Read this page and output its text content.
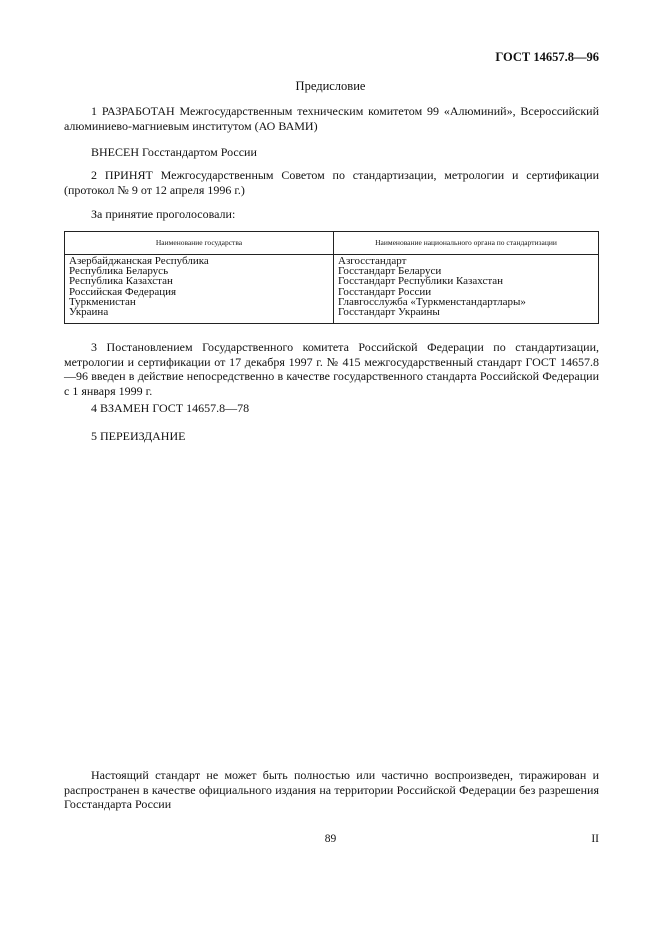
ГОСТ 14657.8—96
Предисловие
1 РАЗРАБОТАН Межгосударственным техническим комитетом 99 «Алюминий», Всероссийский алюминиево-магниевым институтом (АО ВАМИ)
ВНЕСЕН Госстандартом России
2 ПРИНЯТ Межгосударственным Советом по стандартизации, метрологии и сертификации (протокол № 9 от 12 апреля 1996 г.)
За принятие проголосовали:
Наименование государства	Наименование национального органа по стандартизации
Азербайджанская Республика
Республика Беларусь
Республика Казахстан
Российская Федерация
Туркменистан
Украина
Азгосстандарт
Госстандарт Беларуси
Госстандарт Республики Казахстан
Госстандарт России
Главгосслужба «Туркменстандартлары»
Госстандарт Украины
3 Постановлением Государственного комитета Российской Федерации по стандартизации, метрологии и сертификации от 17 декабря 1997 г. № 415 межгосударственный стандарт ГОСТ 14657.8—96 введен в действие непосредственно в качестве государственного стандарта Российской Федерации с 1 января 1999 г.
4 ВЗАМЕН ГОСТ 14657.8—78
5 ПЕРЕИЗДАНИЕ
Настоящий стандарт не может быть полностью или частично воспроизведен, тиражирован и распространен в качестве официального издания на территории Российской Федерации без разрешения Госстандарта России
89	II
